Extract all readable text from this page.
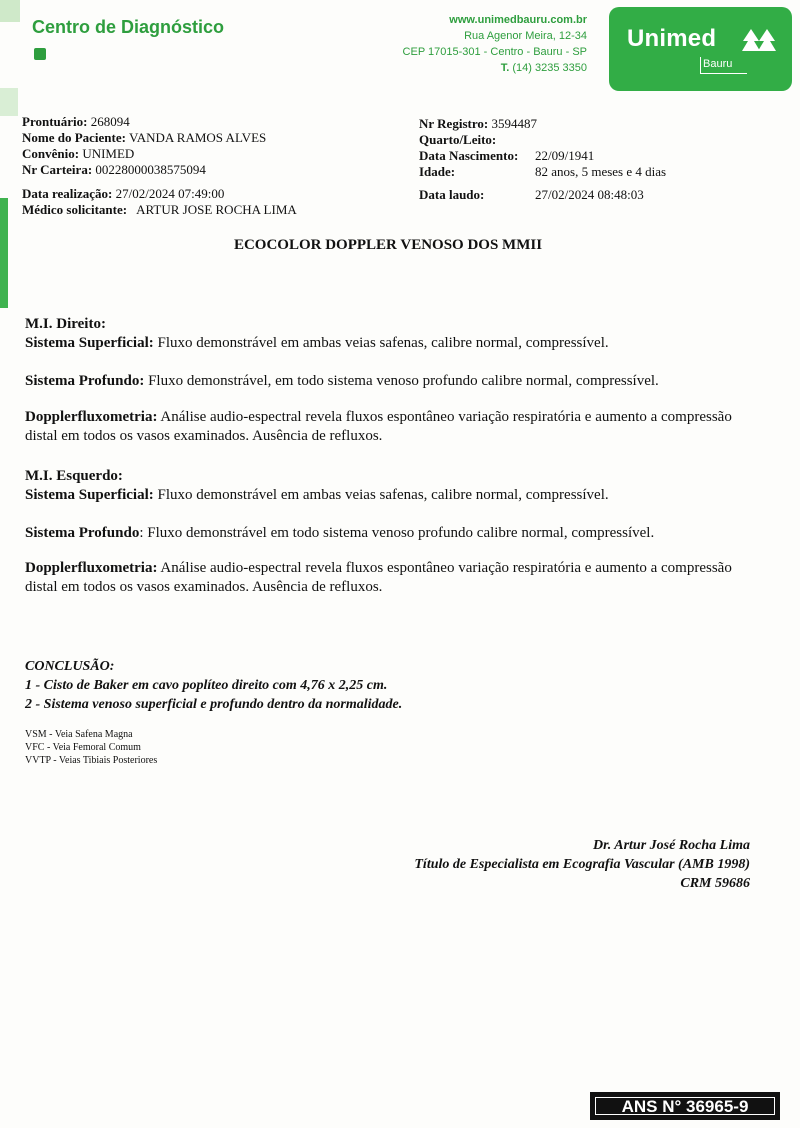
Centro de Diagnóstico	www.unimedbauru.com.br
Rua Agenor Meira, 12-34
CEP 17015-301 - Centro - Bauru - SP
T. (14) 3235 3350
Unimed
Bauru
Prontuário: 268094
Nome do Paciente: VANDA RAMOS ALVES
Convênio: UNIMED
Nr Carteira: 00228000038575094
Data realização: 27/02/2024 07:49:00
Médico solicitante: ARTUR JOSE ROCHA LIMA
Nr Registro: 3594487
Quarto/Leito:
Data Nascimento: 22/09/1941
Idade:	82 anos, 5 meses e 4 dias
Data laudo:	27/02/2024 08:48:03
ECOCOLOR DOPPLER VENOSO DOS MMII
M.I. Direito:
Sistema Superficial: Fluxo demonstrável em ambas veias safenas, calibre normal, compressível.
Sistema Profundo: Fluxo demonstrável, em todo sistema venoso profundo calibre normal, compressível.
Dopplerfluxometria: Análise audio-espectral revela fluxos espontâneo variação respiratória e aumento a compressão distal em todos os vasos examinados. Ausência de refluxos.
M.I. Esquerdo:
Sistema Superficial: Fluxo demonstrável em ambas veias safenas, calibre normal, compressível.
Sistema Profundo: Fluxo demonstrável em todo sistema venoso profundo calibre normal, compressível.
Dopplerfluxometria: Análise audio-espectral revela fluxos espontâneo variação respiratória e aumento a compressão distal em todos os vasos examinados. Ausência de refluxos.
CONCLUSÃO:
1 - Cisto de Baker em cavo poplíteo direito com 4,76 x 2,25 cm.
2 - Sistema venoso superficial e profundo dentro da normalidade.
VSM - Veia Safena Magna
VFC - Veia Femoral Comum
VVTP - Veias Tibiais Posteriores
Dr. Artur José Rocha Lima
Título de Especialista em Ecografia Vascular (AMB 1998)
CRM 59686
ANS N° 36965-9
